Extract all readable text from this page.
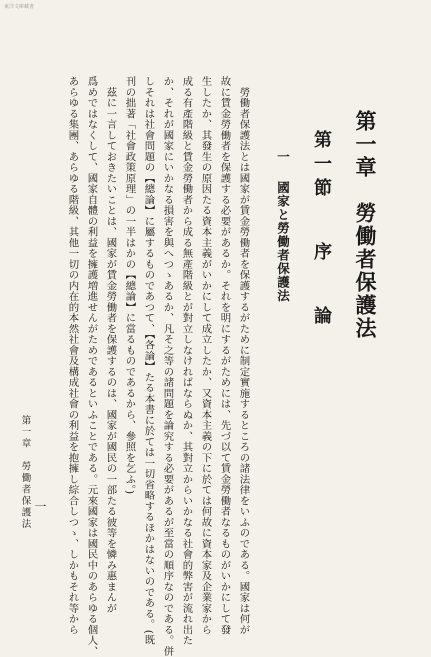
東洋文庫藏書
第一章　勞働者保護法
第一節序論
一　國家と勞働者保護法
　勞働者保護法とは國家が賃金勞働者を保護するがために制定實施するところの諸法律をいふのである。國家は何が
故に賃金勞働者を保護する必要があるか。それを明にするがためには、先づ以て賃金勞働者なるものがいかにして發
生したか、其發生の原因たる資本主義がいかにして成立したか、又資本主義の下に於ては何故に資本家及企業家から
成る有產階級と賃金勞働者から成る無產階級とが對立しなければならぬか、其對立からいかなる社會的弊害が流れ出た
か、それが國家にいかなる損害を與へつゝあるか、凡そ之等の諸問題を論究する必要があるが至當の順序なのである。併
しそれは社會問題の【總論】に屬するものであつて、【各論】たる本書に於ては一切省略するほかはないのである。(既
刊の拙著「社會政策原理」の一半はかの【總論】に當るものであるから、參照を乞ふ。)
　茲に一言しておきたいことは、國家が賃金勞働者を保護するのは、國家が國民の一部たる彼等を憐み惠まんが
爲めではなくして、國家自體の利益を擁護増進せんがためであるといふことである。元來國家は國民中のあらゆる個人、
あらゆる集團、あらゆる階級、其他一切の内在的本然社會及構成社會の利益を抱擁し綜合しつゝ、しかもそれ等から
第一章　勞働者保護法 一
